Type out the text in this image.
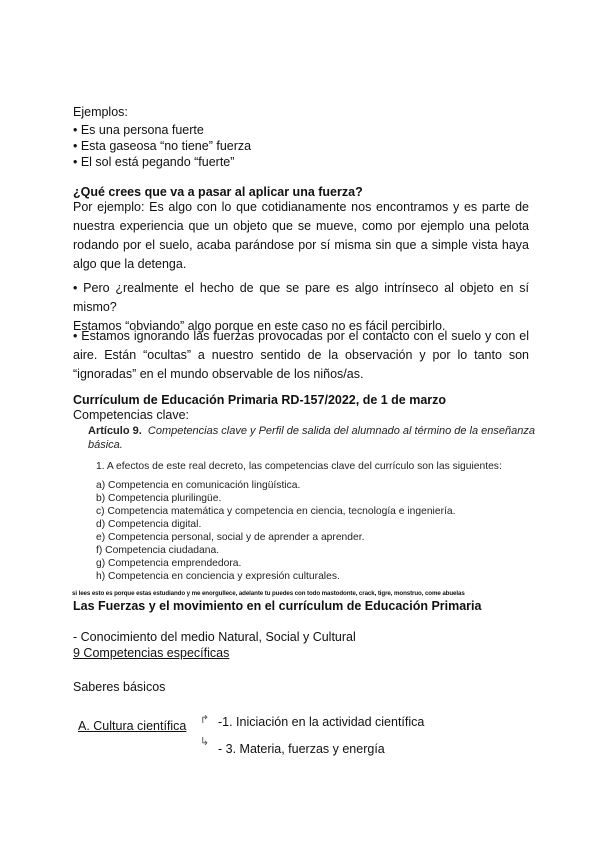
Ejemplos:
• Es una persona fuerte
• Esta gaseosa “no tiene” fuerza
• El sol está pegando “fuerte”
¿Qué crees que va a pasar al aplicar una fuerza?
Por ejemplo: Es algo con lo que cotidianamente nos encontramos y es parte de
nuestra experiencia que un objeto que se mueve, como por ejemplo una pelota
rodando por el suelo, acaba parándose por sí misma sin que a simple vista haya
algo que la detenga.
• Pero ¿realmente el hecho de que se pare es algo intrínseco al objeto en sí mismo?
Estamos “obviando” algo porque en este caso no es fácil percibirlo.
• Estamos ignorando las fuerzas provocadas por el contacto con el suelo y con el
aire. Están “ocultas” a nuestro sentido de la observación y por lo tanto son
“ignoradas” en el mundo observable de los niños/as.
Currículum de Educación Primaria RD-157/2022, de 1 de marzo
Competencias clave:
Artículo 9. Competencias clave y Perfil de salida del alumnado al término de la enseñanza
básica.
1. A efectos de este real decreto, las competencias clave del currículo son las siguientes:
a) Competencia en comunicación lingüística.
b) Competencia plurilingüe.
c) Competencia matemática y competencia en ciencia, tecnología e ingeniería.
d) Competencia digital.
e) Competencia personal, social y de aprender a aprender.
f) Competencia ciudadana.
g) Competencia emprendedora.
h) Competencia en conciencia y expresión culturales.
si lees esto es porque estas estudiando y me enorgullece, adelante tu puedes con todo mastodonte, crack, tigre, monstruo, come abuelas
Las Fuerzas y el movimiento en el currículum de Educación Primaria
- Conocimiento del medio Natural, Social y Cultural
9 Competencias específicas
Saberes básicos
A. Cultura científica ↱ -1. Iniciación en la actividad científica
↳ - 3. Materia, fuerzas y energía
